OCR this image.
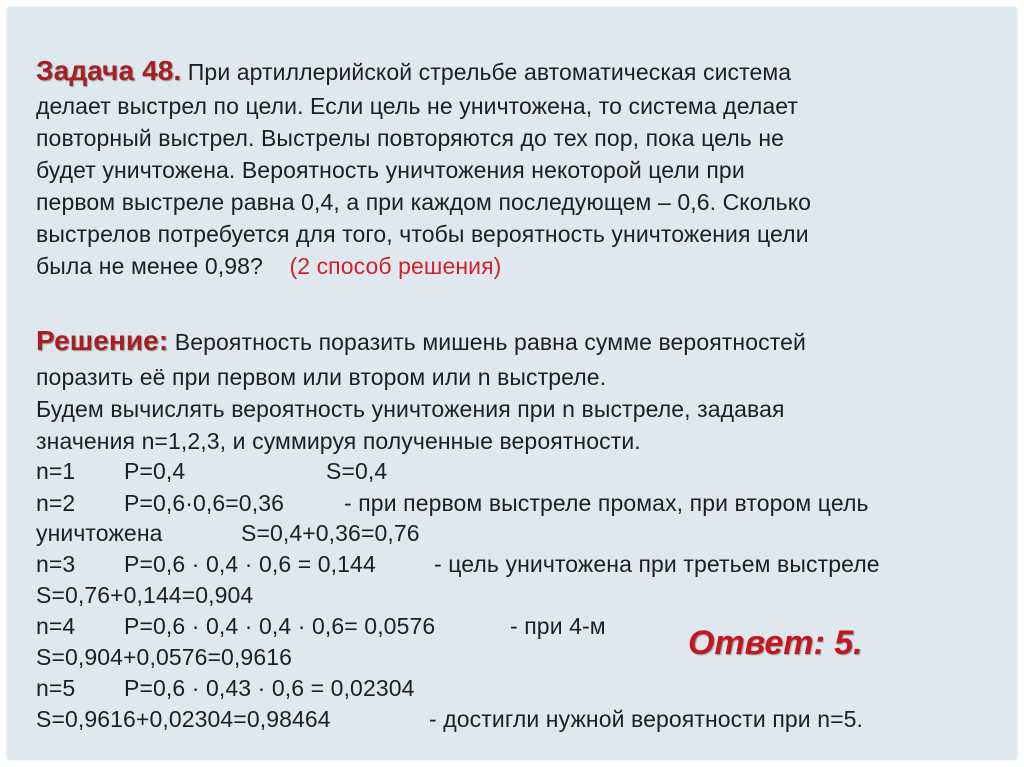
Задача 48. При артиллерийской стрельбе автоматическая система
делает выстрел по цели. Если цель не уничтожена, то система делает
повторный выстрел. Выстрелы повторяются до тех пор, пока цель не
будет уничтожена. Вероятность уничтожения некоторой цели при
первом выстреле равна 0,4, а при каждом последующем – 0,6. Сколько
выстрелов потребуется для того, чтобы вероятность уничтожения цели
была не менее 0,98? (2 способ решения)
Решение: Вероятность поразить мишень равна сумме вероятностей
поразить её при первом или втором или n выстреле.
Будем вычислять вероятность уничтожения при n выстреле, задавая
значения n=1,2,3, и суммируя полученные вероятности.
n=1 P=0,4	S=0,4
n=2 P=0,6·0,6=0,36	- при первом выстреле промах, при втором цель
уничтожена	S=0,4+0,36=0,76
n=3 P=0,6 · 0,4 · 0,6 = 0,144	- цель уничтожена при третьем выстреле
S=0,76+0,144=0,904
n=4 P=0,6 · 0,4 · 0,4 · 0,6= 0,0576	- при 4-м
S=0,904+0,0576=0,9616
n=5 P=0,6 · 0,43 · 0,6 = 0,02304
S=0,9616+0,02304=0,98464	- достигли нужной вероятности при n=5.
Ответ: 5.
